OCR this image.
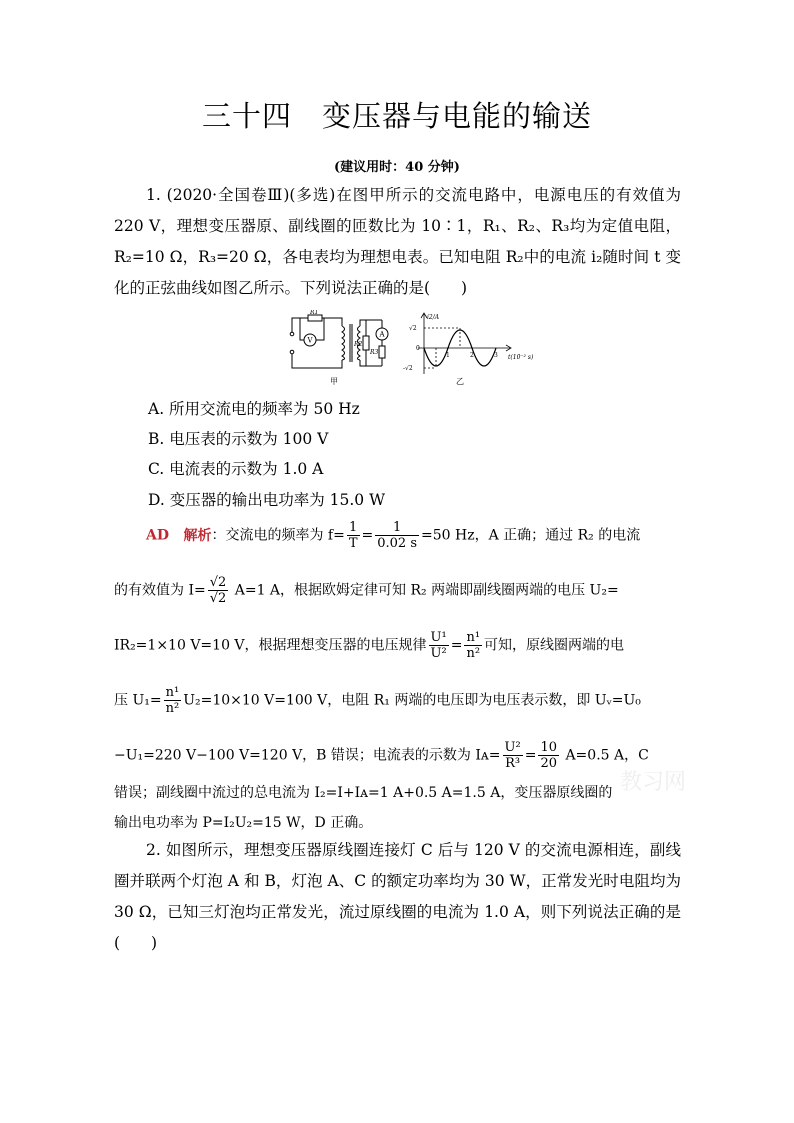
三十四　变压器与电能的输送
(建议用时：40 分钟)
1. (2020·全国卷Ⅲ)(多选)在图甲所示的交流电路中，电源电压的有效值为 220 V，理想变压器原、副线圈的匝数比为 10∶1，R₁、R₂、R₃均为定值电阻，R₂=10 Ω，R₃=20 Ω，各电表均为理想电表。已知电阻 R₂中的电流 i₂随时间 t 变化的正弦曲线如图乙所示。下列说法正确的是(　　)
R1
V	R2
A
R3
甲
i2/A
√2
0
-√2
1	2	3 t(10⁻² s)
乙
A. 所用交流电的频率为 50 Hz
B. 电压表的示数为 100 V
C. 电流表的示数为 1.0 A
D. 变压器的输出电功率为 15.0 W
AD 解析：交流电的频率为 $f= \frac{1}{T} = \frac{1}{0.02 s} =50$ Hz，A 正确；通过 R₂ 的电流
的有效值为 $I= \frac{√2}{√2} A=1$ A，根据欧姆定律可知 R₂ 两端即副线圈两端的电压 U₂=
IR₂=1×10 V=10 V，根据理想变压器的电压规律 $\frac{\text{U¹}}{\text{U²}} = \frac{\text{n¹}}{\text{n²}}$ 可知，原线圈两端的电
压 $U_1= \frac{\text{n¹}}{\text{n²}} U_2=10\times 10$ V=100 V，电阻 R₁ 两端的电压即为电压表示数，即 Uᵥ=U₀
−U₁=220 V−100 V=120 V，B 错误；电流表的示数为 Iᴀ= $\frac{\text{U²}}{\text{R³}} = \frac{10}{20} A=0.5$ A，C
错误；副线圈中流过的总电流为 I₂=I+Iᴀ=1 A+0.5 A=1.5 A，变压器原线圈的
输出电功率为 P=I₂U₂=15 W，D 正确。
教习网
2. 如图所示，理想变压器原线圈连接灯 C 后与 120 V 的交流电源相连，副线圈并联两个灯泡 A 和 B，灯泡 A、C 的额定功率均为 30 W，正常发光时电阻均为 30 Ω，已知三灯泡均正常发光，流过原线圈的电流为 1.0 A，则下列说法正确的是(　　)
